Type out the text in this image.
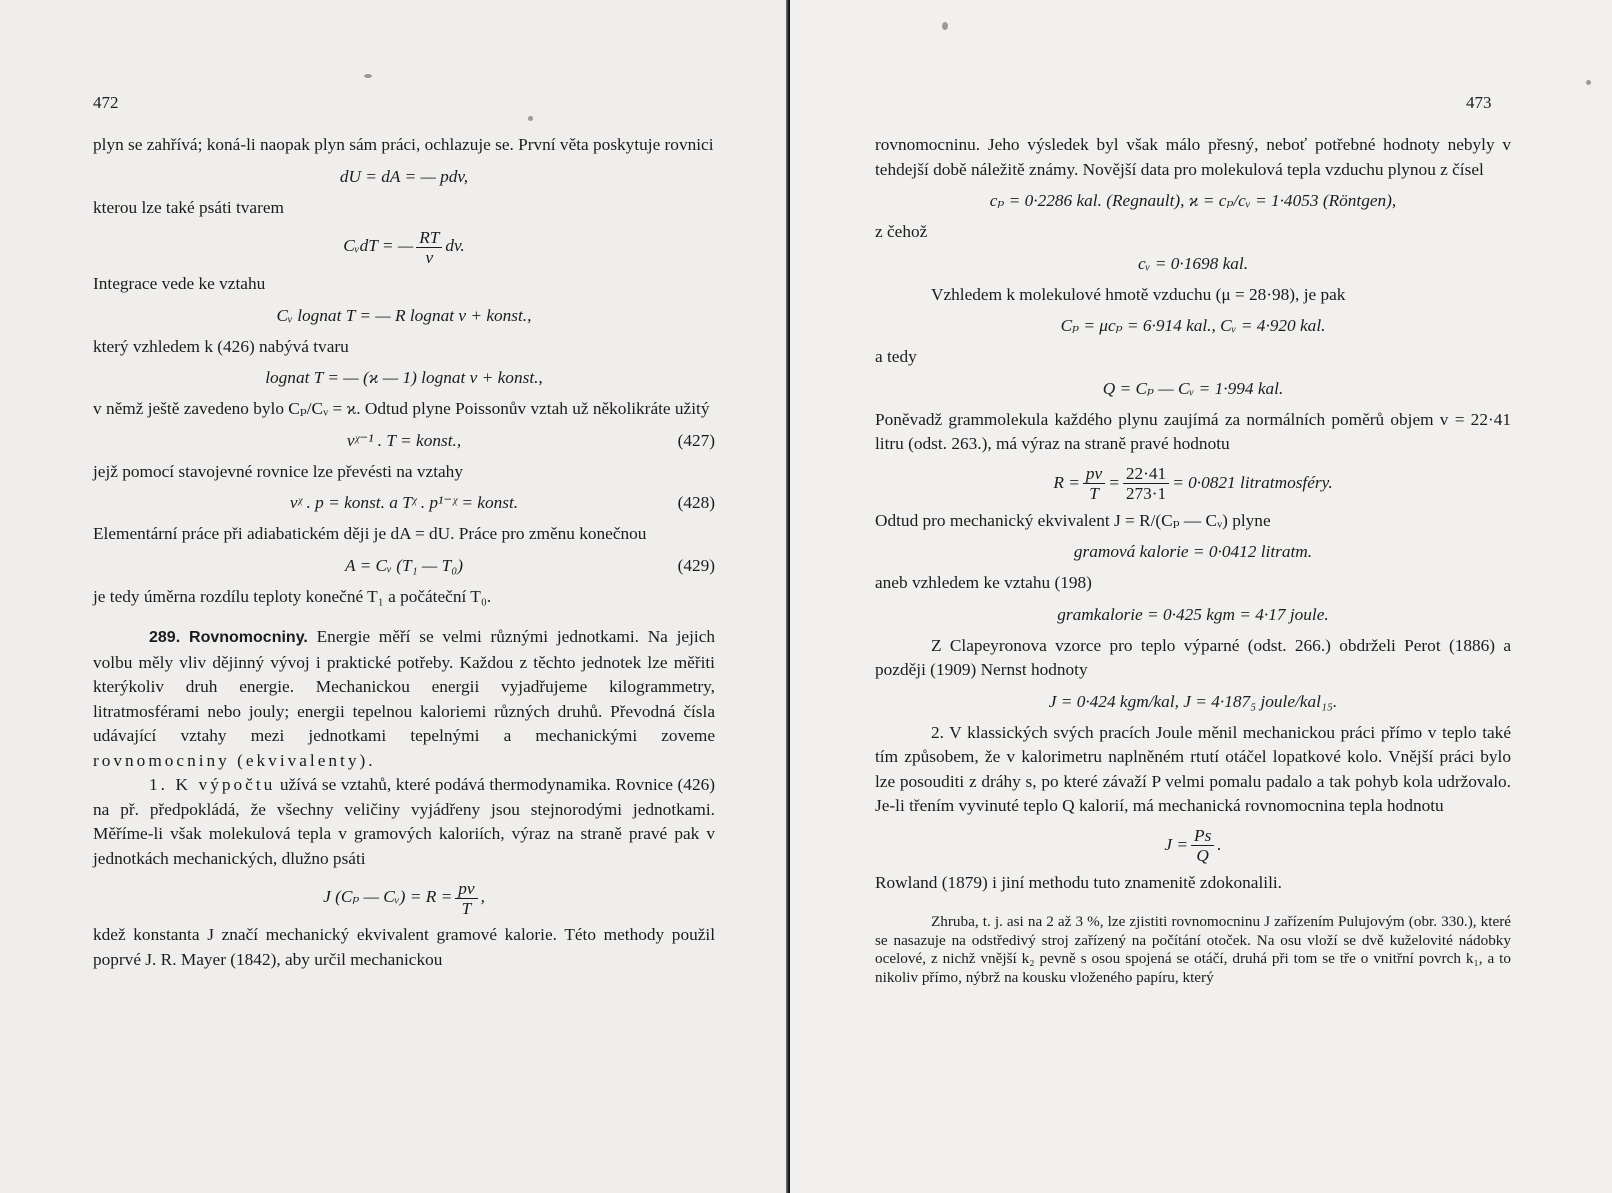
472

plyn se zahřívá; koná-li naopak plyn sám práci, ochlazuje se. První věta poskytuje rovnici

dU = dA = — pdv,

kterou lze také psáti tvarem

CᵥdT = — $\frac{RT}{v}$ dv.

Integrace vede ke vztahu

Cᵥ lognat T = — R lognat v + konst.,

který vzhledem k (426) nabývá tvaru

lognat T = — (ϰ — 1) lognat v + konst.,

v němž ještě zavedeno bylo Cₚ/Cᵥ = ϰ. Odtud plyne Poissonův vztah už několikráte užitý

vᵡ⁻¹ . T = konst.,	(427)

jejž pomocí stavojevné rovnice lze převésti na vztahy

vᵡ . p = konst. a Tᵡ . p¹⁻ᵡ = konst.	(428)

Elementární práce při adiabatickém ději je dA = dU. Práce pro změnu konečnou

A = Cᵥ (T₁ — T₀)	(429)

je tedy úměrna rozdílu teploty konečné T₁ a počáteční T₀.

289. Rovnomocniny. Energie měří se velmi různými jednotkami. Na jejich volbu měly vliv dějinný vývoj i praktické potřeby. Každou z těchto jednotek lze měřiti kterýkoliv druh energie. Mechanickou energii vyjadřujeme kilogrammetry, litratmosférami nebo jouly; energii tepelnou kaloriemi různých druhů. Převodná čísla udávající vztahy mezi jednotkami tepelnými a mechanickými zoveme rovnomocniny (ekvivalenty).

1. K výpočtu užívá se vztahů, které podává thermodynamika. Rovnice (426) na př. předpokládá, že všechny veličiny vyjádřeny jsou stejnorodými jednotkami. Měříme-li však molekulová tepla v gramových kaloriích, výraz na straně pravé pak v jednotkách mechanických, dlužno psáti

J (Cₚ — Cᵥ) = $R = \frac{pv}{T}$ ,

kdež konstanta J značí mechanický ekvivalent gramové kalorie. Této methody použil poprvé J. R. Mayer (1842), aby určil mechanickou

473

rovnomocninu. Jeho výsledek byl však málo přesný, neboť potřebné hodnoty nebyly v tehdejší době náležitě známy. Novější data pro molekulová tepla vzduchu plynou z čísel

cₚ = 0·2286 kal. (Regnault), ϰ = cₚ/cᵥ = 1·4053 (Röntgen),

z čehož

cᵥ = 0·1698 kal.

Vzhledem k molekulové hmotě vzduchu (μ = 28·98), je pak

Cₚ = μcₚ = 6·914 kal., Cᵥ = 4·920 kal.

a tedy

Q = Cₚ — Cᵥ = 1·994 kal.

Poněvadž grammolekula každého plynu zaujímá za normálních poměrů objem v = 22·41 litru (odst. 263.), má výraz na straně pravé hodnotu

$R = \frac{pv}{T} = \frac{22\cdot 41}{273\cdot 1} = 0\cdot 0821$ litratmosféry.

Odtud pro mechanický ekvivalent J = R/(Cₚ — Cᵥ) plyne

gramová kalorie = 0·0412 litratm.

aneb vzhledem ke vztahu (198)

gramkalorie = 0·425 kgm = 4·17 joule.

Z Clapeyronova vzorce pro teplo výparné (odst. 266.) obdrželi Perot (1886) a později (1909) Nernst hodnoty

J = 0·424 kgm/kal, J = 4·187₅ joule/kal₁₅.

2. V klassických svých pracích Joule měnil mechanickou práci přímo v teplo také tím způsobem, že v kalorimetru naplněném rtutí otáčel lopatkové kolo. Vnější práci bylo lze posouditi z dráhy s, po které závaží P velmi pomalu padalo a tak pohyb kola udržovalo. Je-li třením vyvinuté teplo Q kalorií, má mechanická rovnomocnina tepla hodnotu

$J = \frac{Ps}{Q}$ .

Rowland (1879) i jiní methodu tuto znamenitě zdokonalili.

Zhruba, t. j. asi na 2 až 3 %, lze zjistiti rovnomocninu J zařízením Pulujovým (obr. 330.), které se nasazuje na odstředivý stroj zařízený na počítání otoček. Na osu vloží se dvě kuželovité nádobky ocelové, z nichž vnější k₂ pevně s osou spojená se otáčí, druhá při tom se tře o vnitřní povrch k₁, a to nikoliv přímo, nýbrž na kousku vloženého papíru, který
